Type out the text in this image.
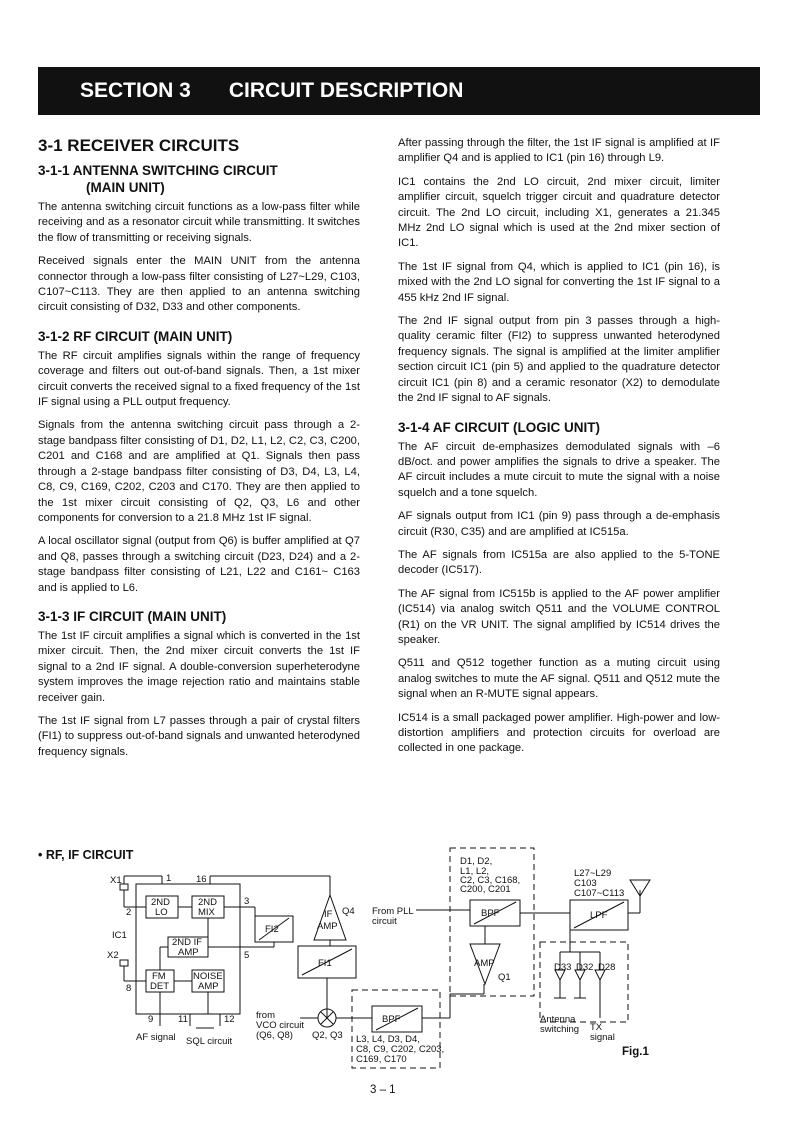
SECTION 3 CIRCUIT DESCRIPTION
3-1 RECEIVER CIRCUITS
3-1-1 ANTENNA SWITCHING CIRCUIT
(MAIN UNIT)

The antenna switching circuit functions as a low-pass filter while receiving and as a resonator circuit while transmitting. It switches the flow of transmitting or receiving signals.

Received signals enter the MAIN UNIT from the antenna connector through a low-pass filter consisting of L27~L29, C103, C107~C113. They are then applied to an antenna switching circuit consisting of D32, D33 and other components.

3-1-2 RF CIRCUIT (MAIN UNIT)

The RF circuit amplifies signals within the range of frequency coverage and filters out out-of-band signals. Then, a 1st mixer circuit converts the received signal to a fixed frequency of the 1st IF signal using a PLL output frequency.

Signals from the antenna switching circuit pass through a 2-stage bandpass filter consisting of D1, D2, L1, L2, C2, C3, C200, C201 and C168 and are amplified at Q1. Signals then pass through a 2-stage bandpass filter consisting of D3, D4, L3, L4, C8, C9, C169, C202, C203 and C170. They are then applied to the 1st mixer circuit consisting of Q2, Q3, L6 and other components for conversion to a 21.8 MHz 1st IF signal.

A local oscillator signal (output from Q6) is buffer amplified at Q7 and Q8, passes through a switching circuit (D23, D24) and a 2-stage bandpass filter consisting of L21, L22 and C161~ C163 and is applied to L6.

3-1-3 IF CIRCUIT (MAIN UNIT)

The 1st IF circuit amplifies a signal which is converted in the 1st mixer circuit. Then, the 2nd mixer circuit converts the 1st IF signal to a 2nd IF signal. A double-conversion superheterodyne system improves the image rejection ratio and maintains stable receiver gain.

The 1st IF signal from L7 passes through a pair of crystal filters (FI1) to suppress out-of-band signals and unwanted heterodyned frequency signals.

After passing through the filter, the 1st IF signal is amplified at IF amplifier Q4 and is applied to IC1 (pin 16) through L9.

IC1 contains the 2nd LO circuit, 2nd mixer circuit, limiter amplifier circuit, squelch trigger circuit and quadrature detector circuit. The 2nd LO circuit, including X1, generates a 21.345 MHz 2nd LO signal which is used at the 2nd mixer section of IC1.

The 1st IF signal from Q4, which is applied to IC1 (pin 16), is mixed with the 2nd LO signal for converting the 1st IF signal to a 455 kHz 2nd IF signal.

The 2nd IF signal output from pin 3 passes through a high-quality ceramic filter (FI2) to suppress unwanted heterodyned frequency signals. The signal is amplified at the limiter amplifier section circuit IC1 (pin 5) and applied to the quadrature detector circuit IC1 (pin 8) and a ceramic resonator (X2) to demodulate the 2nd IF signal to AF signals.

3-1-4 AF CIRCUIT (LOGIC UNIT)

The AF circuit de-emphasizes demodulated signals with –6 dB/oct. and power amplifies the signals to drive a speaker. The AF circuit includes a mute circuit to mute the signal with a noise squelch and a tone squelch.

AF signals output from IC1 (pin 9) pass through a de-emphasis circuit (R30, C35) and are amplified at IC515a.

The AF signals from IC515a are also applied to the 5-TONE decoder (IC517).

The AF signal from IC515b is applied to the AF power amplifier (IC514) via analog switch Q511 and the VOLUME CONTROL (R1) on the VR UNIT. The signal amplified by IC514 drives the speaker.

Q511 and Q512 together function as a muting circuit using analog switches to mute the AF signal. Q511 and Q512 mute the signal when an R-MUTE signal appears.

IC514 is a small packaged power amplifier. High-power and low-distortion amplifiers and protection circuits for overload are collected in one package.

• RF, IF CIRCUIT
X1	1	16
2
IC1
X2
8
2ND
LO
2ND
MIX
2ND IF
AMP
FM
DET
NOISE
AMP
3
5
FI2
IF
AMP
Q4
FI1
9	11	12
AF signal SQL circuit
From PLL
circuit
from
VCO circuit
(Q6, Q8) Q2, Q3
BPF
L3, L4, D3, D4,
C8, C9, C202, C203,
C169, C170
D1, D2,
L1, L2,
C2, C3, C168,
C200, C201
BPF
AMP
Q1
L27~L29
C103
C107~C113
LPF
D33 D32 D28
Antenna
switching TX
signal
Fig.1
3 – 1
